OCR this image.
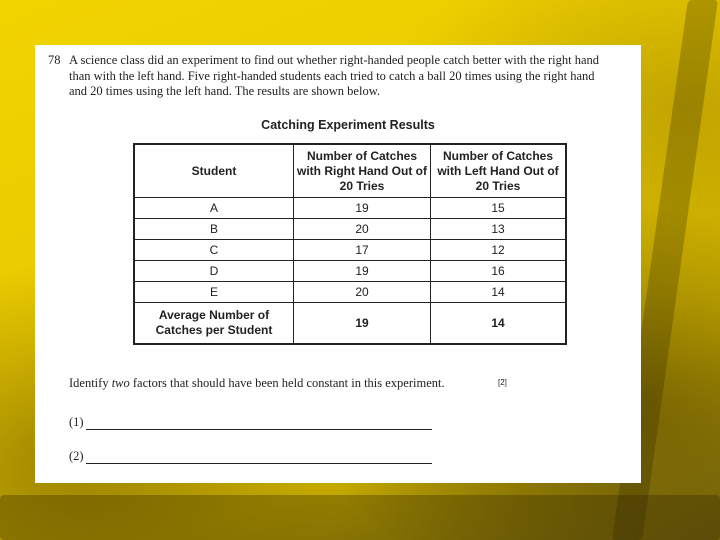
78 A science class did an experiment to find out whether right-handed people catch better with the right hand
than with the left hand. Five right-handed students each tried to catch a ball 20 times using the right hand
and 20 times using the left hand. The results are shown below.
Catching Experiment Results
Student	Number of Catches with Right Hand Out of 20 Tries	Number of Catches with Left Hand Out of 20 Tries
A	19	15
B	20	13
C	17	12
D	19	16
E	20	14
Average Number of Catches per Student	19	14
Identify two factors that should have been held constant in this experiment.	[2]
(1)
(2)
